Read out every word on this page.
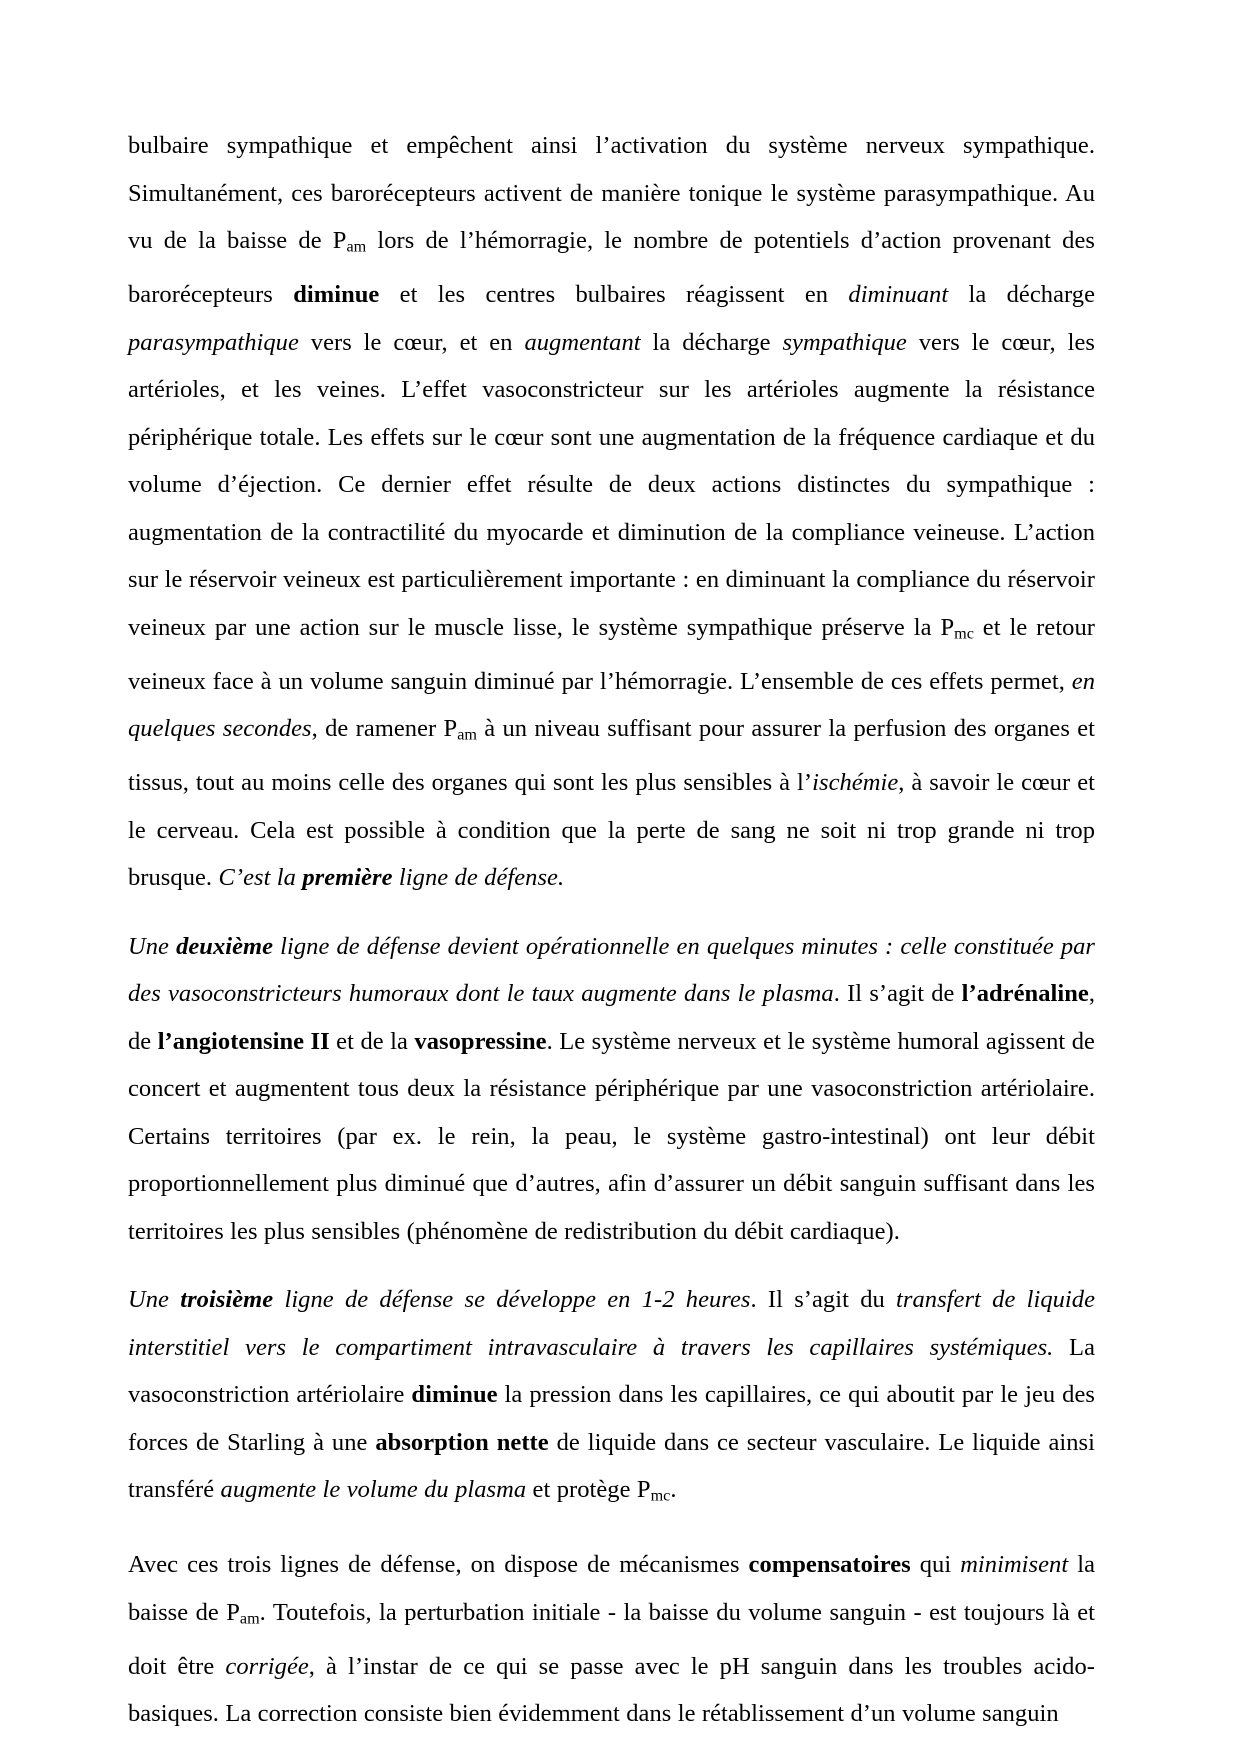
bulbaire sympathique et empêchent ainsi l’activation du système nerveux sympathique. Simultanément, ces barorécepteurs activent de manière tonique le système parasympathique. Au vu de la baisse de $P_{am}$ lors de l’hémorragie, le nombre de potentiels d’action provenant des barorécepteurs diminue et les centres bulbaires réagissent en diminuant la décharge parasympathique vers le cœur, et en augmentant la décharge sympathique vers le cœur, les artérioles, et les veines. L’effet vasoconstricteur sur les artérioles augmente la résistance périphérique totale. Les effets sur le cœur sont une augmentation de la fréquence cardiaque et du volume d’éjection. Ce dernier effet résulte de deux actions distinctes du sympathique : augmentation de la contractilité du myocarde et diminution de la compliance veineuse. L’action sur le réservoir veineux est particulièrement importante : en diminuant la compliance du réservoir veineux par une action sur le muscle lisse, le système sympathique préserve la $P_{mc}$ et le retour veineux face à un volume sanguin diminué par l’hémorragie. L’ensemble de ces effets permet, en quelques secondes, de ramener $P_{am}$ à un niveau suffisant pour assurer la perfusion des organes et tissus, tout au moins celle des organes qui sont les plus sensibles à l’ischémie, à savoir le cœur et le cerveau. Cela est possible à condition que la perte de sang ne soit ni trop grande ni trop brusque. C’est la première ligne de défense.

Une deuxième ligne de défense devient opérationnelle en quelques minutes : celle constituée par des vasoconstricteurs humoraux dont le taux augmente dans le plasma. Il s’agit de l’adrénaline, de l’angiotensine II et de la vasopressine. Le système nerveux et le système humoral agissent de concert et augmentent tous deux la résistance périphérique par une vasoconstriction artériolaire. Certains territoires (par ex. le rein, la peau, le système gastro-intestinal) ont leur débit proportionnellement plus diminué que d’autres, afin d’assurer un débit sanguin suffisant dans les territoires les plus sensibles (phénomène de redistribution du débit cardiaque).

Une troisième ligne de défense se développe en 1-2 heures. Il s’agit du transfert de liquide interstitiel vers le compartiment intravasculaire à travers les capillaires systémiques. La vasoconstriction artériolaire diminue la pression dans les capillaires, ce qui aboutit par le jeu des forces de Starling à une absorption nette de liquide dans ce secteur vasculaire. Le liquide ainsi transféré augmente le volume du plasma et protège $P_{mc}$.

Avec ces trois lignes de défense, on dispose de mécanismes compensatoires qui minimisent la baisse de $P_{am}$. Toutefois, la perturbation initiale - la baisse du volume sanguin - est toujours là et doit être corrigée, à l’instar de ce qui se passe avec le pH sanguin dans les troubles acido-basiques. La correction consiste bien évidemment dans le rétablissement d’un volume sanguin
